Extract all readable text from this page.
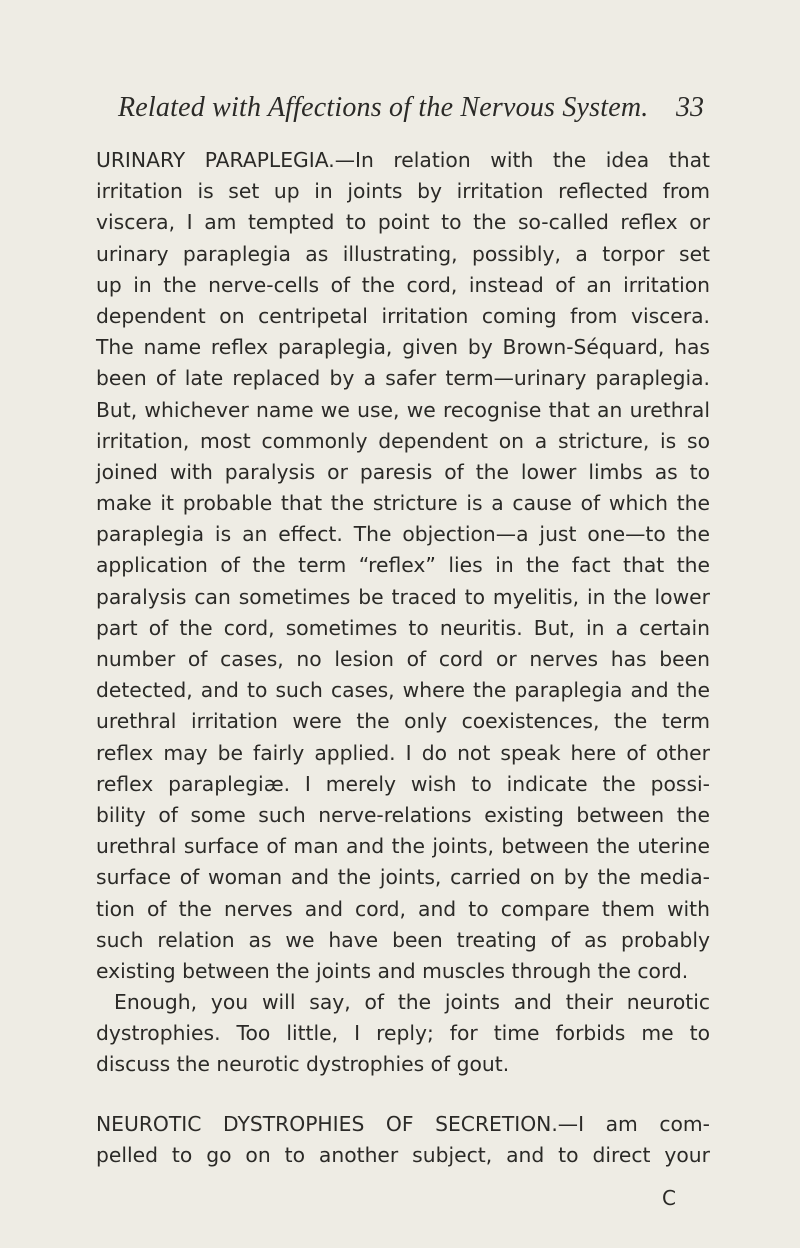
Related with Affections of the Nervous System. 33
URINARY PARAPLEGIA.—In relation with the idea that
irritation is set up in joints by irritation reflected from
viscera, I am tempted to point to the so-called reflex or
urinary paraplegia as illustrating, possibly, a torpor set
up in the nerve-cells of the cord, instead of an irritation
dependent on centripetal irritation coming from viscera.
The name reflex paraplegia, given by Brown-Séquard, has
been of late replaced by a safer term—urinary paraplegia.
But, whichever name we use, we recognise that an urethral
irritation, most commonly dependent on a stricture, is so
joined with paralysis or paresis of the lower limbs as to
make it probable that the stricture is a cause of which the
paraplegia is an effect. The objection—a just one—to the
application of the term “reflex” lies in the fact that the
paralysis can sometimes be traced to myelitis, in the lower
part of the cord, sometimes to neuritis. But, in a certain
number of cases, no lesion of cord or nerves has been
detected, and to such cases, where the paraplegia and the
urethral irritation were the only coexistences, the term
reflex may be fairly applied. I do not speak here of other
reflex paraplegiæ. I merely wish to indicate the possi-
bility of some such nerve-relations existing between the
urethral surface of man and the joints, between the uterine
surface of woman and the joints, carried on by the media-
tion of the nerves and cord, and to compare them with
such relation as we have been treating of as probably
existing between the joints and muscles through the cord.
Enough, you will say, of the joints and their neurotic
dystrophies. Too little, I reply; for time forbids me to
discuss the neurotic dystrophies of gout.
NEUROTIC DYSTROPHIES OF SECRETION.—I am com-
pelled to go on to another subject, and to direct your
C
